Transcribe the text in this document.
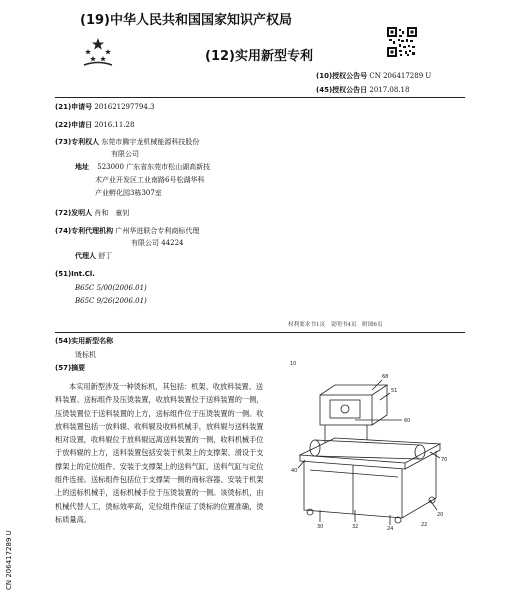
(19)中华人民共和国国家知识产权局
(12)实用新型专利
(10)授权公告号 CN 206417289 U
(45)授权公告日 2017.08.18
(21)申请号 201621297794.3
(22)申请日 2016.11.28
(73)专利权人 东莞市腾宇龙机械能源科技股份
有限公司
地址 523000 广东省东莞市松山湖高新技
术产业开发区工业南路6号松湖华科
产业孵化园3栋307室
(72)发明人 肖和　童钊
(74)专利代理机构 广州华进联合专利商标代理
有限公司 44224
代理人 舒丁
(51)Int.Cl.
B65C 5/00(2006.01)
B65C 9/26(2006.01)
权利要求书1页　说明书4页　附图6页
(54)实用新型名称
烫标机
(57)摘要
本实用新型涉及一种烫标机，其包括：机架、收放料装置、送料装置、送标组件及压烫装置，收放料装置位于送料装置的一侧，压烫装置位于送料装置的上方，送标组件位于压烫装置的一侧。收放料装置包括一放料辊、收料辊及收料机械手，放料辊与送料装置相对设置，收料辊位于放料辊远离送料装置的一侧，收料机械手位于放料辊的上方，送料装置包括安装于机架上的支撑架、滑设于支撑架上的定位组件、安装于支撑架上的送料气缸，送料气缸与定位组件连接。送标组件包括位于支撑架一侧的商标容器、安装于机架上的送标机械手，送标机械手位于压烫装置的一侧。该烫标机，由机械代替人工，烫标效率高，定位组件保证了烫标的位置准确，烫标质量高。
10
68
51
60
70
40
30	32	24
22
20
CN 206417289 U
